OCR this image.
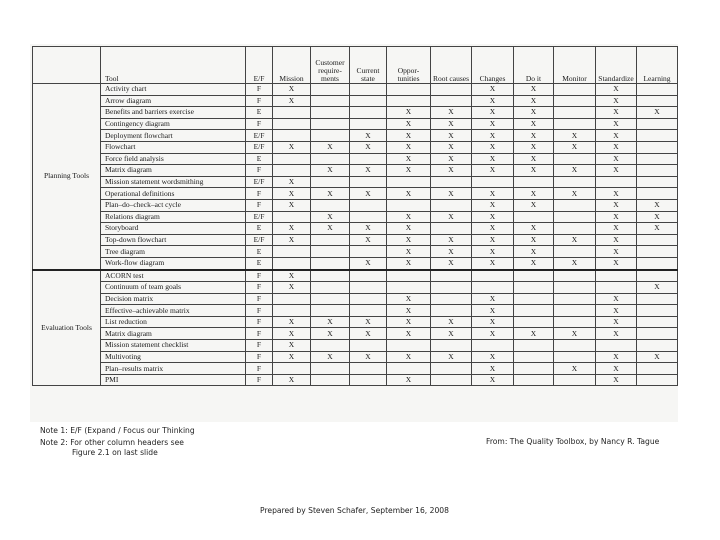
	Tool	E/F	Mission	Customer require-ments	Current state	Oppor-tunities	Root causes	Changes	Do it	Monitor	Standardize	Learning
Planning Tools	Activity chart	F	X					X	X		X	
	Arrow diagram	F	X					X	X		X	
	Benefits and barriers exercise	E				X	X	X	X		X	X
	Contingency diagram	F				X	X	X	X		X	
	Deployment flowchart	E/F			X	X	X	X	X	X	X	
	Flowchart	E/F	X	X	X	X	X	X	X	X	X	
	Force field analysis	E				X	X	X	X		X	
	Matrix diagram	F		X	X	X	X	X	X	X	X	
	Mission statement wordsmithing	E/F	X									
	Operational definitions	F	X	X	X	X	X	X	X	X	X	
	Plan–do–check–act cycle	F	X					X	X		X	X
	Relations diagram	E/F		X		X	X	X			X	X
	Storyboard	E	X	X	X	X		X	X		X	X
	Top-down flowchart	E/F	X		X	X	X	X	X	X	X	
	Tree diagram	E				X	X	X	X		X	
	Work-flow diagram	E			X	X	X	X	X	X	X	
Evaluation Tools	ACORN test	F	X									
	Continuum of team goals	F	X									X
	Decision matrix	F				X		X			X	
	Effective–achievable matrix	F				X		X			X	
	List reduction	F	X	X	X	X	X	X			X	
	Matrix diagram	F	X	X	X	X	X	X	X	X	X	
	Mission statement checklist	F	X									
	Multivoting	F	X	X	X	X	X	X			X	X
	Plan–results matrix	F						X		X	X	
	PMI	F	X			X		X			X	
Note 1: E/F (Expand / Focus our Thinking
Note 2: For other column headers see
Figure 2.1 on last slide
From: The Quality Toolbox, by Nancy R. Tague
Prepared by Steven Schafer, September 16, 2008
